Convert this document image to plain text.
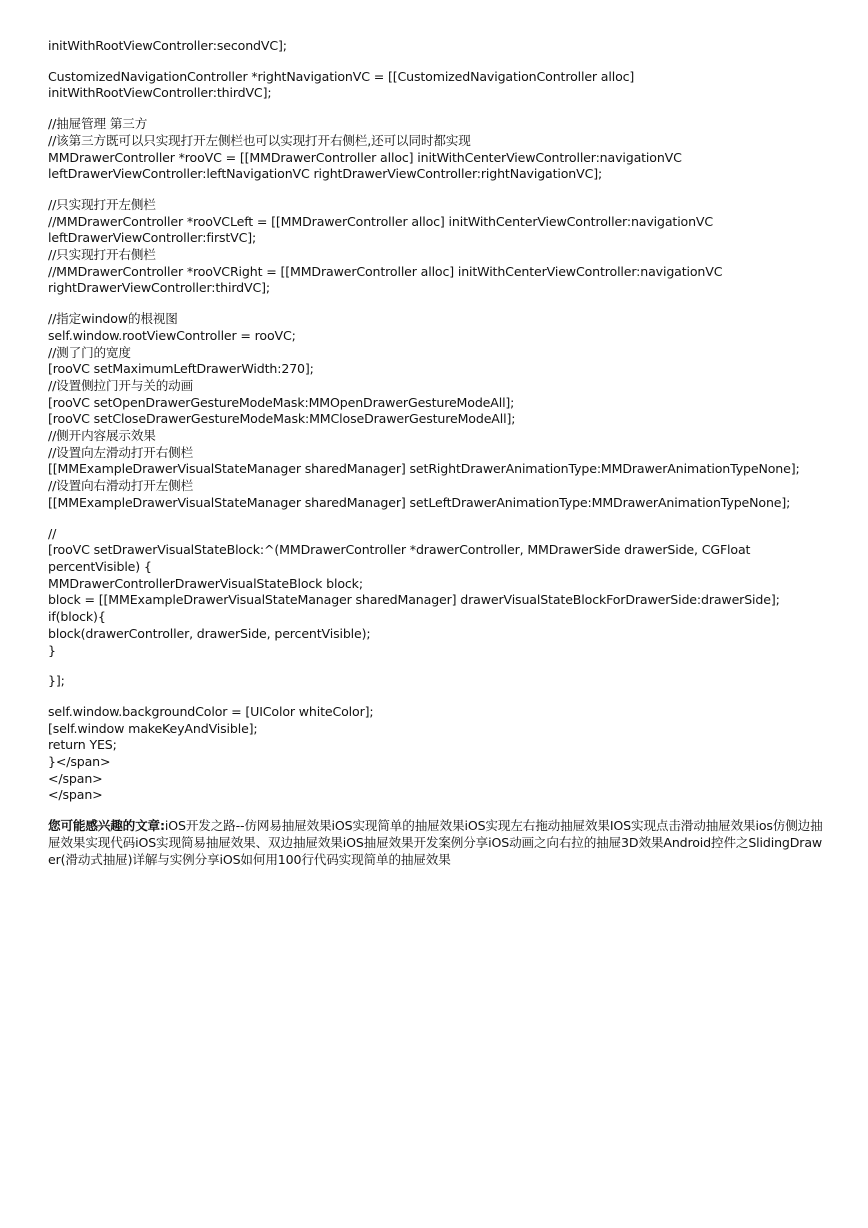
initWithRootViewController:secondVC];
CustomizedNavigationController *rightNavigationVC = [[CustomizedNavigationController alloc]
initWithRootViewController:thirdVC];
//抽屉管理 第三方
//该第三方既可以只实现打开左侧栏也可以实现打开右侧栏,还可以同时都实现
MMDrawerController *rooVC = [[MMDrawerController alloc] initWithCenterViewController:navigationVC
leftDrawerViewController:leftNavigationVC rightDrawerViewController:rightNavigationVC];
//只实现打开左侧栏
//MMDrawerController *rooVCLeft = [[MMDrawerController alloc] initWithCenterViewController:navigationVC
leftDrawerViewController:firstVC];
//只实现打开右侧栏
//MMDrawerController *rooVCRight = [[MMDrawerController alloc] initWithCenterViewController:navigationVC
rightDrawerViewController:thirdVC];
//指定window的根视图
self.window.rootViewController = rooVC;
//测了门的宽度
[rooVC setMaximumLeftDrawerWidth:270];
//设置侧拉门开与关的动画
[rooVC setOpenDrawerGestureModeMask:MMOpenDrawerGestureModeAll];
[rooVC setCloseDrawerGestureModeMask:MMCloseDrawerGestureModeAll];
//侧开内容展示效果
//设置向左滑动打开右侧栏
[[MMExampleDrawerVisualStateManager sharedManager] setRightDrawerAnimationType:MMDrawerAnimationTypeNone];
//设置向右滑动打开左侧栏
[[MMExampleDrawerVisualStateManager sharedManager] setLeftDrawerAnimationType:MMDrawerAnimationTypeNone];
//
[rooVC setDrawerVisualStateBlock:^(MMDrawerController *drawerController, MMDrawerSide drawerSide, CGFloat
percentVisible) {
MMDrawerControllerDrawerVisualStateBlock block;
block = [[MMExampleDrawerVisualStateManager sharedManager] drawerVisualStateBlockForDrawerSide:drawerSide];
if(block){
block(drawerController, drawerSide, percentVisible);
}
}];
self.window.backgroundColor = [UIColor whiteColor];
[self.window makeKeyAndVisible];
return YES;
}</span>
</span>
</span>
您可能感兴趣的文章:iOS开发之路--仿网易抽屉效果iOS实现简单的抽屉效果iOS实现左右拖动抽屉效果IOS实现点击滑动抽屉效果ios仿侧边抽屉效果实现代码iOS实现简易抽屉效果、双边抽屉效果iOS抽屉效果开发案例分享iOS动画之向右拉的抽屉3D效果Android控件之SlidingDrawer(滑动式抽屉)详解与实例分享iOS如何用100行代码实现简单的抽屉效果
